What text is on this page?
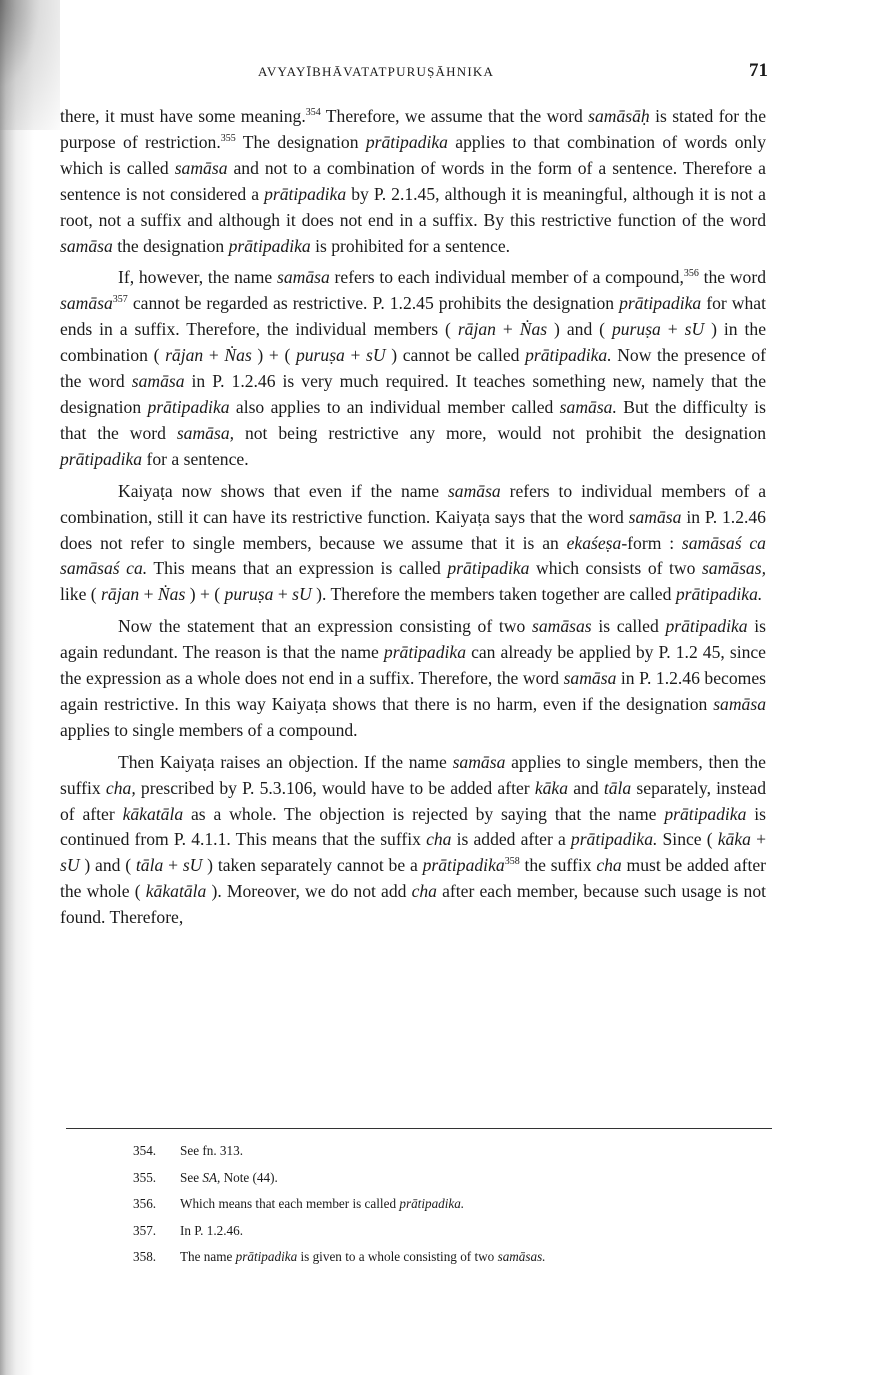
AVYAYĪBHĀVATATPURUṢĀHNIKA	71

there, it must have some meaning.$^{354}$ Therefore, we assume that the word samāsāḥ is stated for the purpose of restriction.$^{355}$ The designation prātipadika applies to that combination of words only which is called samāsa and not to a combination of words in the form of a sentence. Therefore a sentence is not considered a prātipadika by P. 2.1.45, although it is meaningful, although it is not a root, not a suffix and although it does not end in a suffix. By this restrictive function of the word samāsa the designation prātipadika is prohibited for a sentence.

If, however, the name samāsa refers to each individual member of a compound,$^{356}$ the word samāsa$^{357}$ cannot be regarded as restrictive. P. 1.2.45 prohibits the designation prātipadika for what ends in a suffix. Therefore, the individual members ( rājan + Ṅas ) and ( puruṣa + sU ) in the combination ( rājan + Ṅas ) + ( puruṣa + sU ) cannot be called prātipadika. Now the presence of the word samāsa in P. 1.2.46 is very much required. It teaches something new, namely that the designation prātipadika also applies to an individual member called samāsa. But the difficulty is that the word samāsa, not being restrictive any more, would not prohibit the designation prātipadika for a sentence.

Kaiyaṭa now shows that even if the name samāsa refers to individual members of a combination, still it can have its restrictive function. Kaiyaṭa says that the word samāsa in P. 1.2.46 does not refer to single members, because we assume that it is an ekaśeṣa-form : samāsaś ca samāsaś ca. This means that an expression is called prātipadika which consists of two samāsas, like ( rājan + Ṅas ) + ( puruṣa + sU ). Therefore the members taken together are called prātipadika.

Now the statement that an expression consisting of two samāsas is called prātipadika is again redundant. The reason is that the name prātipadika can already be applied by P. 1.2 45, since the expression as a whole does not end in a suffix. Therefore, the word samāsa in P. 1.2.46 becomes again restrictive. In this way Kaiyaṭa shows that there is no harm, even if the designation samāsa applies to single members of a compound.

Then Kaiyaṭa raises an objection. If the name samāsa applies to single members, then the suffix cha, prescribed by P. 5.3.106, would have to be added after kāka and tāla separately, instead of after kākatāla as a whole. The objection is rejected by saying that the name prātipadika is continued from P. 4.1.1. This means that the suffix cha is added after a prātipadika. Since ( kāka + sU ) and ( tāla + sU ) taken separately cannot be a prātipadika$^{358}$ the suffix cha must be added after the whole ( kākatāla ). Moreover, we do not add cha after each member, because such usage is not found. Therefore,

354. See fn. 313.
355. See SA, Note (44).
356. Which means that each member is called prātipadika.
357. In P. 1.2.46.
358. The name prātipadika is given to a whole consisting of two samāsas.
